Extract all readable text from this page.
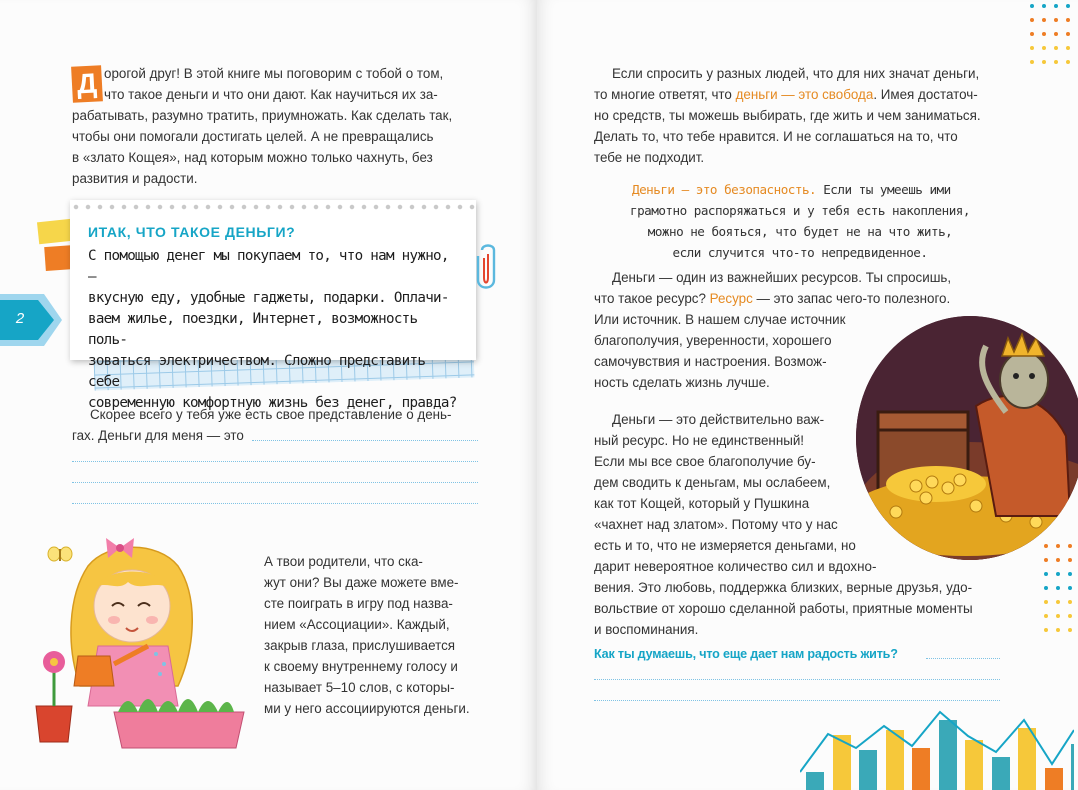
Д орогой друг! В этой книге мы поговорим с тобой о том,

что такое деньги и что они дают. Как научиться их за-

рабатывать, разумно тратить, приумножать. Как сделать так,

чтобы они помогали достигать целей. А не превращались

в «злато Кощея», над которым можно только чахнуть, без

развития и радости.

ИТАК, ЧТО ТАКОЕ ДЕНЬГИ?
С помощью денег мы покупаем то, что нам нужно, —
вкусную еду, удобные гаджеты, подарки. Оплачи-
ваем жилье, поездки, Интернет, возможность поль-
зоваться электричеством. Сложно представить себе
современную комфортную жизнь без денег, правда?
2

Скорее всего у тебя уже есть свое представление о день-

гах. Деньги для меня — это

А твои родители, что ска-

жут они? Вы даже можете вме-

сте поиграть в игру под назва-

нием «Ассоциации». Каждый,

закрыв глаза, прислушивается

к своему внутреннему голосу и

называет 5–10 слов, с которы-

ми у него ассоциируются деньги.

Если спросить у разных людей, что для них значат деньги,

то многие ответят, что деньги — это свобода. Имея достаточ-

но средств, ты можешь выбирать, где жить и чем заниматься.

Делать то, что тебе нравится. И не соглашаться на то, что

тебе не подходит.

Деньги — это безопасность. Если ты умеешь ими

грамотно распоряжаться и у тебя есть накопления,

можно не бояться, что будет не на что жить,

если случится что-то непредвиденное.

Деньги — один из важнейших ресурсов. Ты спросишь,

что такое ресурс? Ресурс — это запас чего-то полезного.

Или источник. В нашем случае источник

благополучия, уверенности, хорошего

самочувствия и настроения. Возмож-

ность сделать жизнь лучше.

Деньги — это действительно важ-

ный ресурс. Но не единственный!

Если мы все свое благополучие бу-

дем сводить к деньгам, мы ослабеем,

как тот Кощей, который у Пушкина

«чахнет над златом». Потому что у нас

есть и то, что не измеряется деньгами, но

дарит невероятное количество сил и вдохно-

вения. Это любовь, поддержка близких, верные друзья, удо-

вольствие от хорошо сделанной работы, приятные моменты

и воспоминания.

Как ты думаешь, что еще дает нам радость жить?
